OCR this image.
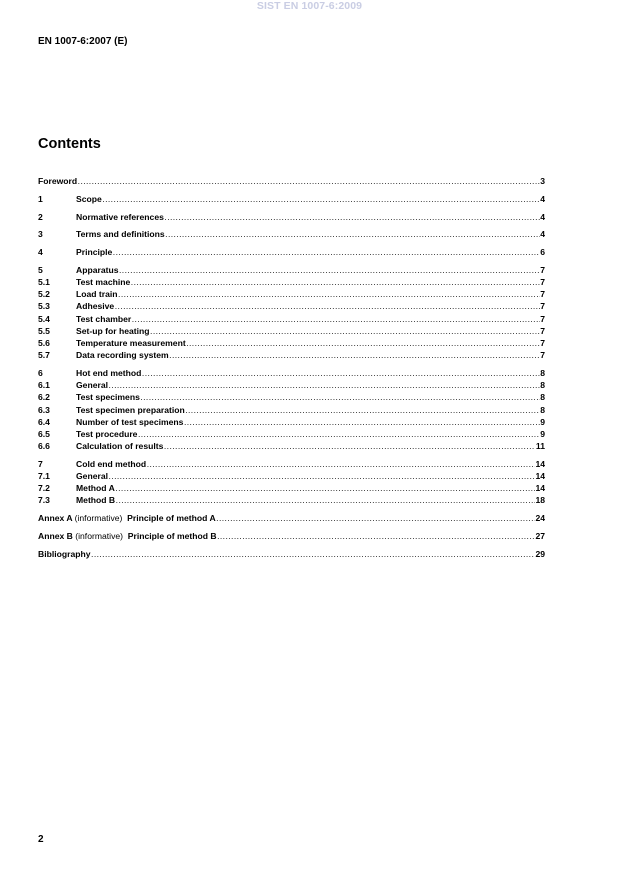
SIST EN 1007-6:2009
EN 1007-6:2007 (E)
Contents
Foreword .....	3
1	Scope .....	4
2	Normative references .....	4
3	Terms and definitions .....	4
4	Principle .....	6
5	Apparatus .....	7
5.1	Test machine .....	7
5.2	Load train .....	7
5.3	Adhesive .....	7
5.4	Test chamber .....	7
5.5	Set-up for heating .....	7
5.6	Temperature measurement .....	7
5.7	Data recording system .....	7
6	Hot end method .....	8
6.1	General .....	8
6.2	Test specimens .....	8
6.3	Test specimen preparation .....	8
6.4	Number of test specimens .....	9
6.5	Test procedure .....	9
6.6	Calculation of results .....	11
7	Cold end method .....	14
7.1	General .....	14
7.2	Method A .....	14
7.3	Method B .....	18
Annex A (informative) Principle of method A .....	24
Annex B (informative) Principle of method B .....	27
Bibliography .....	29
2
